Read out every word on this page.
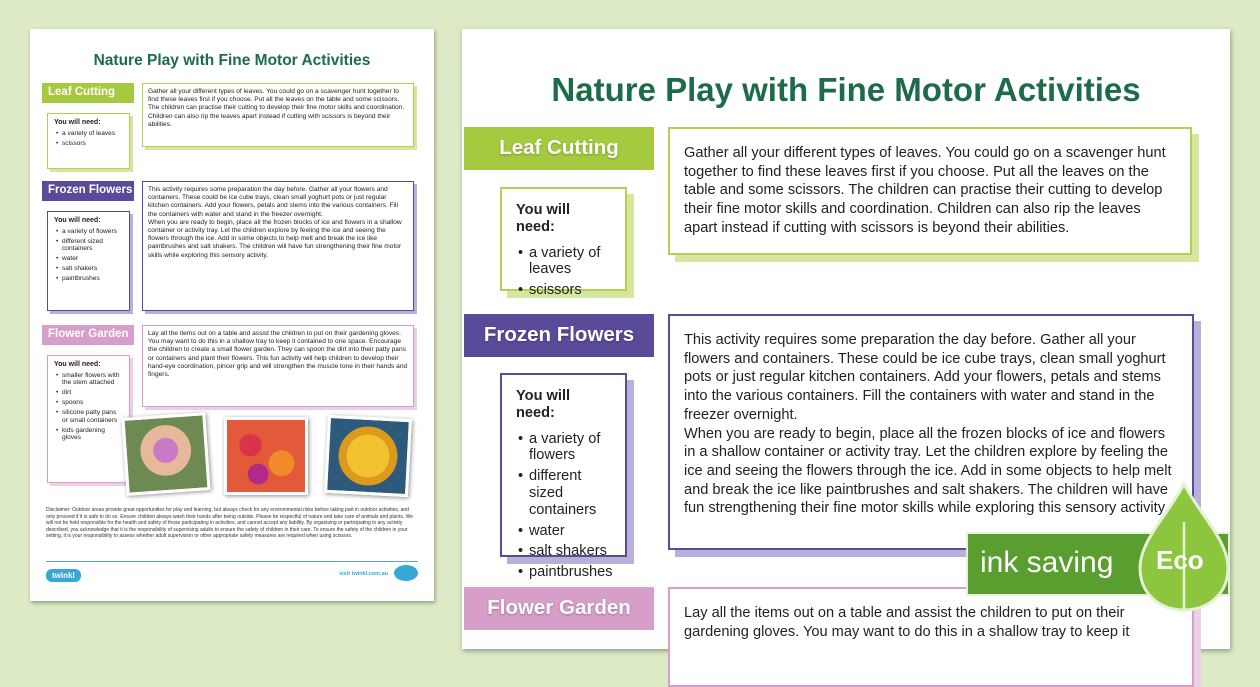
Nature Play with Fine Motor Activities
Leaf Cutting	Gather all your different types of leaves. You could go on a scavenger hunt together to find these leaves first if you choose. Put all the leaves on the table and some scissors. The children can practise their cutting to develop their fine motor skills and coordination. Children can also rip the leaves apart instead if cutting with scissors is beyond their abilities.
You will need:
• a variety of leaves
• scissors
Frozen Flowers	This activity requires some preparation the day before. Gather all your flowers and containers. These could be ice cube trays, clean small yoghurt pots or just regular kitchen containers. Add your flowers, petals and stems into the various containers. Fill the containers with water and stand in the freezer overnight.
When you are ready to begin, place all the frozen blocks of ice and flowers in a shallow container or activity tray. Let the children explore by feeling the ice and seeing the flowers through the ice. Add in some objects to help melt and break the ice like paintbrushes and salt shakers. The children will have fun strengthening their fine motor skills while exploring this sensory activity.
You will need:
• a variety of flowers
• different sized containers
• water
• salt shakers
• paintbrushes
Flower Garden	Lay all the items out on a table and assist the children to put on their gardening gloves. You may want to do this in a shallow tray to keep it contained to one space. Encourage the children to create a small flower garden. They can spoon the dirt into their patty pans or containers and plant their flowers. This fun activity will help children to develop their hand-eye coordination, pincer grip and will strengthen the muscle tone in their hands and fingers.
You will need:
• smaller flowers with the stem attached
• dirt
• spoons
• silicone patty pans or small containers
• kids gardening gloves
Disclaimer: Outdoor areas provide great opportunities for play and learning, but always check for any environmental risks before taking part in outdoor activities, and only proceed if it is safe to do so. Ensure children always wash their hands after being outside. Please be respectful of nature and take care of animals and plants. We will not be held responsible for the health and safety of those participating in activities, and cannot accept any liability. By organising or participating in any activity described, you acknowledge that it is the responsibility of supervising adults to ensure the safety of children in their care. To ensure the safety of the children in your setting, it is your responsibility to assess whether adult supervision or other appropriate safety measures are required when using scissors.
twinkl	visit twinkl.com.au
Nature Play with Fine Motor Activities
Leaf Cutting	Gather all your different types of leaves. You could go on a scavenger hunt together to find these leaves first if you choose. Put all the leaves on the table and some scissors. The children can practise their cutting to develop their fine motor skills and coordination. Children can also rip the leaves apart instead if cutting with scissors is beyond their abilities.
You will need:
• a variety of leaves
• scissors
Frozen Flowers	This activity requires some preparation the day before. Gather all your flowers and containers. These could be ice cube trays, clean small yoghurt pots or just regular kitchen containers. Add your flowers, petals and stems into the various containers. Fill the containers with water and stand in the freezer overnight.
When you are ready to begin, place all the frozen blocks of ice and flowers in a shallow container or activity tray. Let the children explore by feeling the ice and seeing the flowers through the ice. Add in some objects to help melt and break the ice like paintbrushes and salt shakers. The children will have fun strengthening their fine motor skills while exploring this sensory activity.
You will need:
• a variety of flowers
• different sized containers
• water
• salt shakers
• paintbrushes
Flower Garden	Lay all the items out on a table and assist the children to put on their gardening gloves. You may want to do this in a shallow tray to keep it
ink saving Eco
